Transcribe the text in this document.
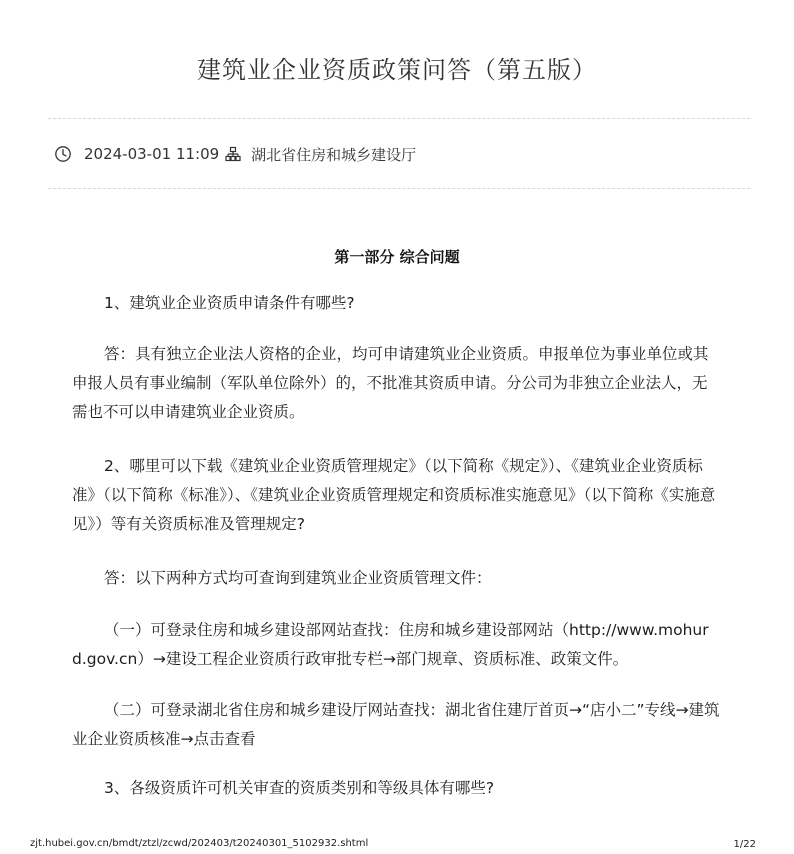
建筑业企业资质政策问答（第五版）
2024-03-01 11:09 湖北省住房和城乡建设厅
第一部分 综合问题

1、建筑业企业资质申请条件有哪些?

答：具有独立企业法人资格的企业，均可申请建筑业企业资质。申报单位为事业单位或其申报人员有事业编制（军队单位除外）的，不批准其资质申请。分公司为非独立企业法人，无需也不可以申请建筑业企业资质。

2、哪里可以下载《建筑业企业资质管理规定》（以下简称《规定》）、《建筑业企业资质标准》（以下简称《标准》）、《建筑业企业资质管理规定和资质标准实施意见》（以下简称《实施意见》）等有关资质标准及管理规定?

答：以下两种方式均可查询到建筑业企业资质管理文件：

（一）可登录住房和城乡建设部网站查找：住房和城乡建设部网站（http://www.mohurd.gov.cn）→建设工程企业资质行政审批专栏→部门规章、资质标准、政策文件。

（二）可登录湖北省住房和城乡建设厅网站查找：湖北省住建厅首页→“店小二”专线→建筑业企业资质核准→点击查看

3、各级资质许可机关审查的资质类别和等级具体有哪些?

zjt.hubei.gov.cn/bmdt/ztzl/zcwd/202403/t20240301_5102932.shtml	1/22
